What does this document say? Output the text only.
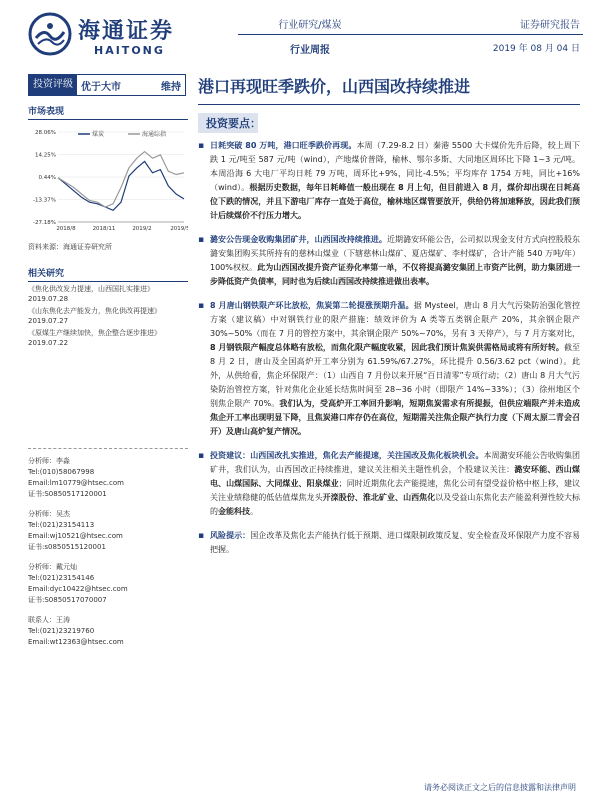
海通证券
HAITONG
行业研究/煤炭
行业周报
证券研究报告
2019 年 08 月 04 日
投资评级 优于大市	维持 港口再现旺季跌价，山西国改持续推进
市场表现
煤炭	海通综指
28.06%
14.25%
0.44%
-13.37%
-27.18%
2018/8	2018/11	2019/2	2019/5
资料来源：海通证券研究所
相关研究
《焦化供改发力提速，山西国扎实推进》
2019.07.28
《山东焦化去产能发力，焦化供改再提速》
2019.07.27
《原煤生产继续加快，焦企整合逐步推进》
2019.07.22
分析师：李淼
Tel:(010)58067998
Email:lm10779@htsec.com
证书:S0850517120001
分析师：吴杰
Tel:(021)23154113
Email:wj10521@htsec.com
证书:s0850515120001
分析师：戴元灿
Tel:(021)23154146
Email:dyc10422@htsec.com
证书:S0850517070007
联系人：王涛
Tel:(021)23219760
Email:wt12363@htsec.com
投资要点：
▪ 日耗突破 80 万吨，港口旺季跌价再现。本周（7.29-8.2 日）秦港 5500 大卡煤价先升后降，较上周下跌 1 元/吨至 587 元/吨（wind），产地煤价普降，榆林、鄂尔多斯、大同地区周环比下降 1~3 元/吨。本周沿海 6 大电厂平均日耗 79 万吨，周环比+9%，同比-4.5%；平均库存 1754 万吨，同比+16%（wind）。根据历史数据，每年日耗峰值一般出现在 8 月上旬，但目前进入 8 月，煤价却出现在日耗高位下跌的情况，并且下游电厂库存一直处于高位，榆林地区煤管要放开，供给仍将加速释放，因此我们预计后续煤价不行压力增大。
▪ 潞安公告现金收购集团矿井，山西国改持续推进。近期潞安环能公告，公司拟以现金支付方式向控股股东潞安集团购买其所持有的慈林山煤业（下辖慈林山煤矿、夏店煤矿、李村煤矿，合计产能 540 万吨/年）100%权权。此为山西国改提升资产证券化率第一单，不仅将提高潞安集团上市资产比例，助力集团进一步降低资产负债率，同时也为后续山西国改持续推进做出表率。
▪ 8 月唐山钢铁限产环比放松，焦炭第二轮提涨预期升温。据 Mysteel，唐山 8 月大气污染防治强化管控方案（建议稿）中对钢铁行业的限产措施：绩效评价为 A 类等五类钢企限产 20%，其余钢企限产 30%~50%（而在 7 月的管控方案中，其余钢企限产 50%~70%，另有 3 天停产），与 7 月方案对比，8 月钢铁限产幅度总体略有放松，而焦化限产幅度收紧，因此我们预计焦炭供需格局或将有所好转。截至 8 月 2 日，唐山及全国高炉开工率分别为 61.59%/67.27%，环比提升 0.56/3.62 pct（wind）。此外，从供给看，焦企环保限产：（1）山西自 7 月份以来开展“百日清零”专项行动；（2）唐山 8 月大气污染防治管控方案，针对焦化企业延长结焦时间至 28~36 小时（即限产 14%~33%）；（3）徐州地区个别焦企限产 70%。我们认为，受高炉开工率回升影响，短期焦炭需求有所提振，但供应端限产并未造成焦企开工率出现明显下降，且焦炭港口库存仍在高位，短期需关注焦企限产执行力度（下周太原二青会召开）及唐山高炉复产情况。
▪ 投资建议：山西国改扎实推进，焦化去产能提速，关注国改及焦化板块机会。本周潞安环能公告收购集团矿井，我们认为，山西国改正持续推进，建议关注相关主题性机会，个股建议关注：潞安环能、西山煤电、山煤国际、大同煤业、阳泉煤业；同时近期焦化去产能提速，焦化公司有望受益价格中枢上移，建议关注业绩稳健的低估值煤焦龙头开滦股份、淮北矿业、山西焦化以及受益山东焦化去产能盈利弹性较大标的金能科技。
▪ 风险提示：国企改革及焦化去产能执行低于预期、进口煤限制政策反复、安全检查及环保限产力度不容易把握。
请务必阅读正文之后的信息披露和法律声明
